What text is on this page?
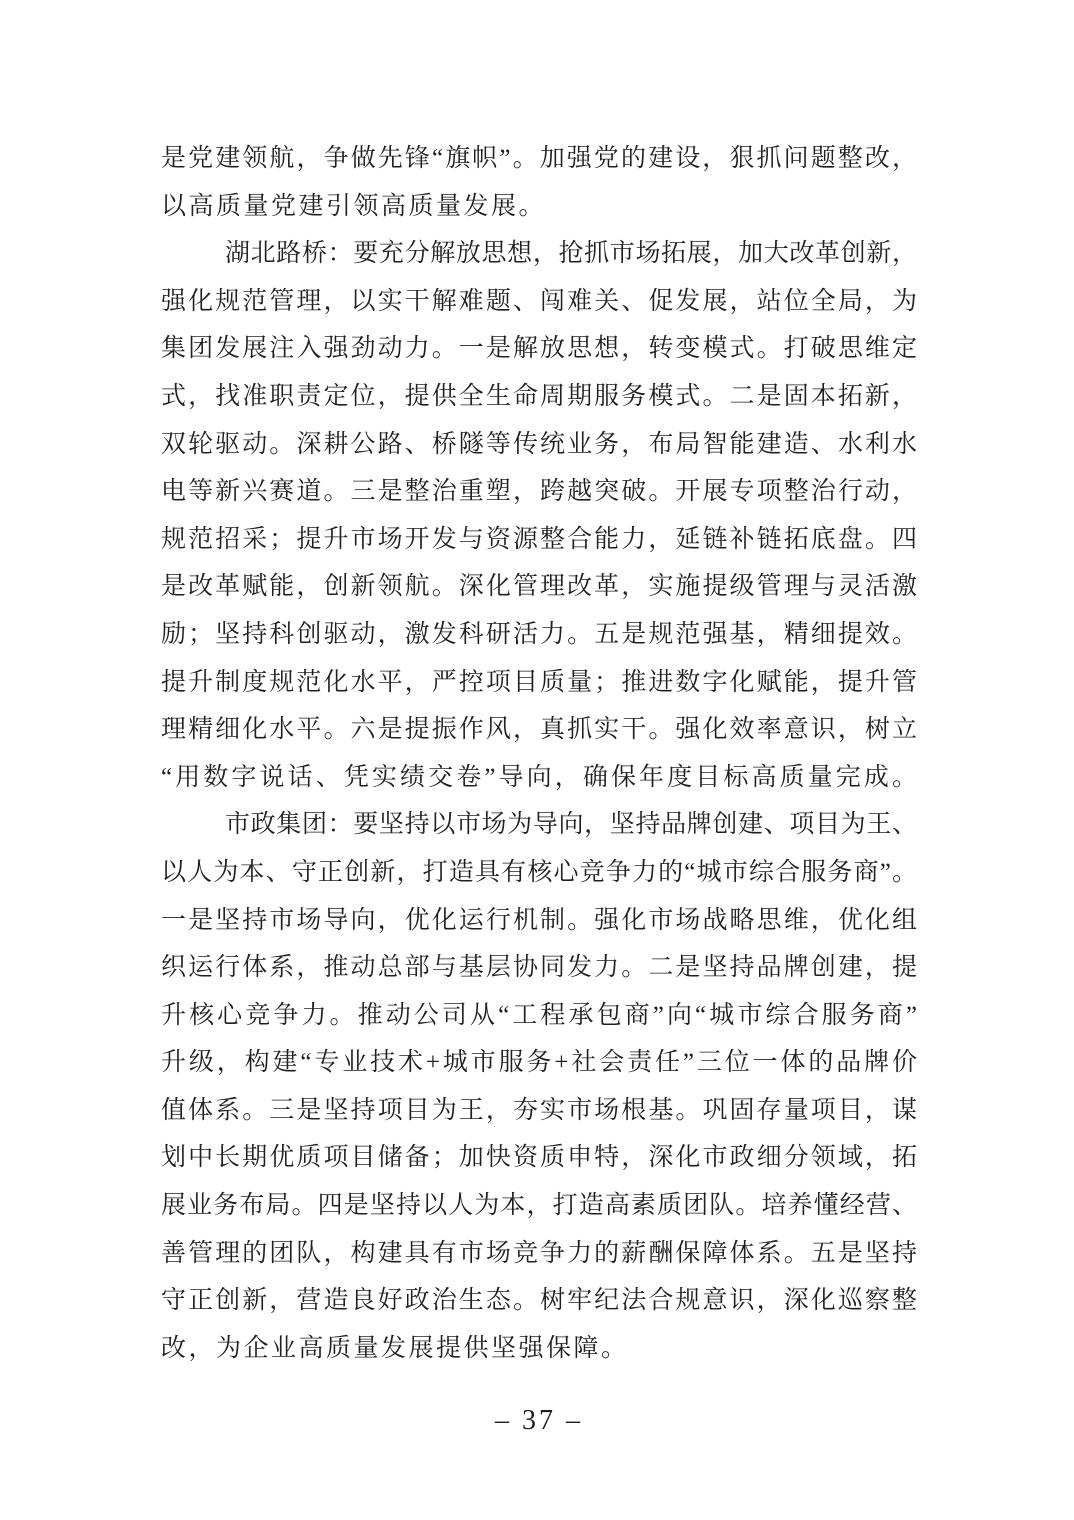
是党建领航，争做先锋“旗帜”。加强党的建设，狠抓问题整改，
以高质量党建引领高质量发展。
湖北路桥：要充分解放思想，抢抓市场拓展，加大改革创新，
强化规范管理，以实干解难题、闯难关、促发展，站位全局，为
集团发展注入强劲动力。一是解放思想，转变模式。打破思维定
式，找准职责定位，提供全生命周期服务模式。二是固本拓新，
双轮驱动。深耕公路、桥隧等传统业务，布局智能建造、水利水
电等新兴赛道。三是整治重塑，跨越突破。开展专项整治行动，
规范招采；提升市场开发与资源整合能力，延链补链拓底盘。四
是改革赋能，创新领航。深化管理改革，实施提级管理与灵活激
励；坚持科创驱动，激发科研活力。五是规范强基，精细提效。
提升制度规范化水平，严控项目质量；推进数字化赋能，提升管
理精细化水平。六是提振作风，真抓实干。强化效率意识，树立
“用数字说话、凭实绩交卷”导向，确保年度目标高质量完成。
市政集团：要坚持以市场为导向，坚持品牌创建、项目为王、
以人为本、守正创新，打造具有核心竞争力的“城市综合服务商”。
一是坚持市场导向，优化运行机制。强化市场战略思维，优化组
织运行体系，推动总部与基层协同发力。二是坚持品牌创建，提
升核心竞争力。推动公司从“工程承包商”向“城市综合服务商”
升级，构建“专业技术+城市服务+社会责任”三位一体的品牌价
值体系。三是坚持项目为王，夯实市场根基。巩固存量项目，谋
划中长期优质项目储备；加快资质申特，深化市政细分领域，拓
展业务布局。四是坚持以人为本，打造高素质团队。培养懂经营、
善管理的团队，构建具有市场竞争力的薪酬保障体系。五是坚持
守正创新，营造良好政治生态。树牢纪法合规意识，深化巡察整
改，为企业高质量发展提供坚强保障。
– 37 –
